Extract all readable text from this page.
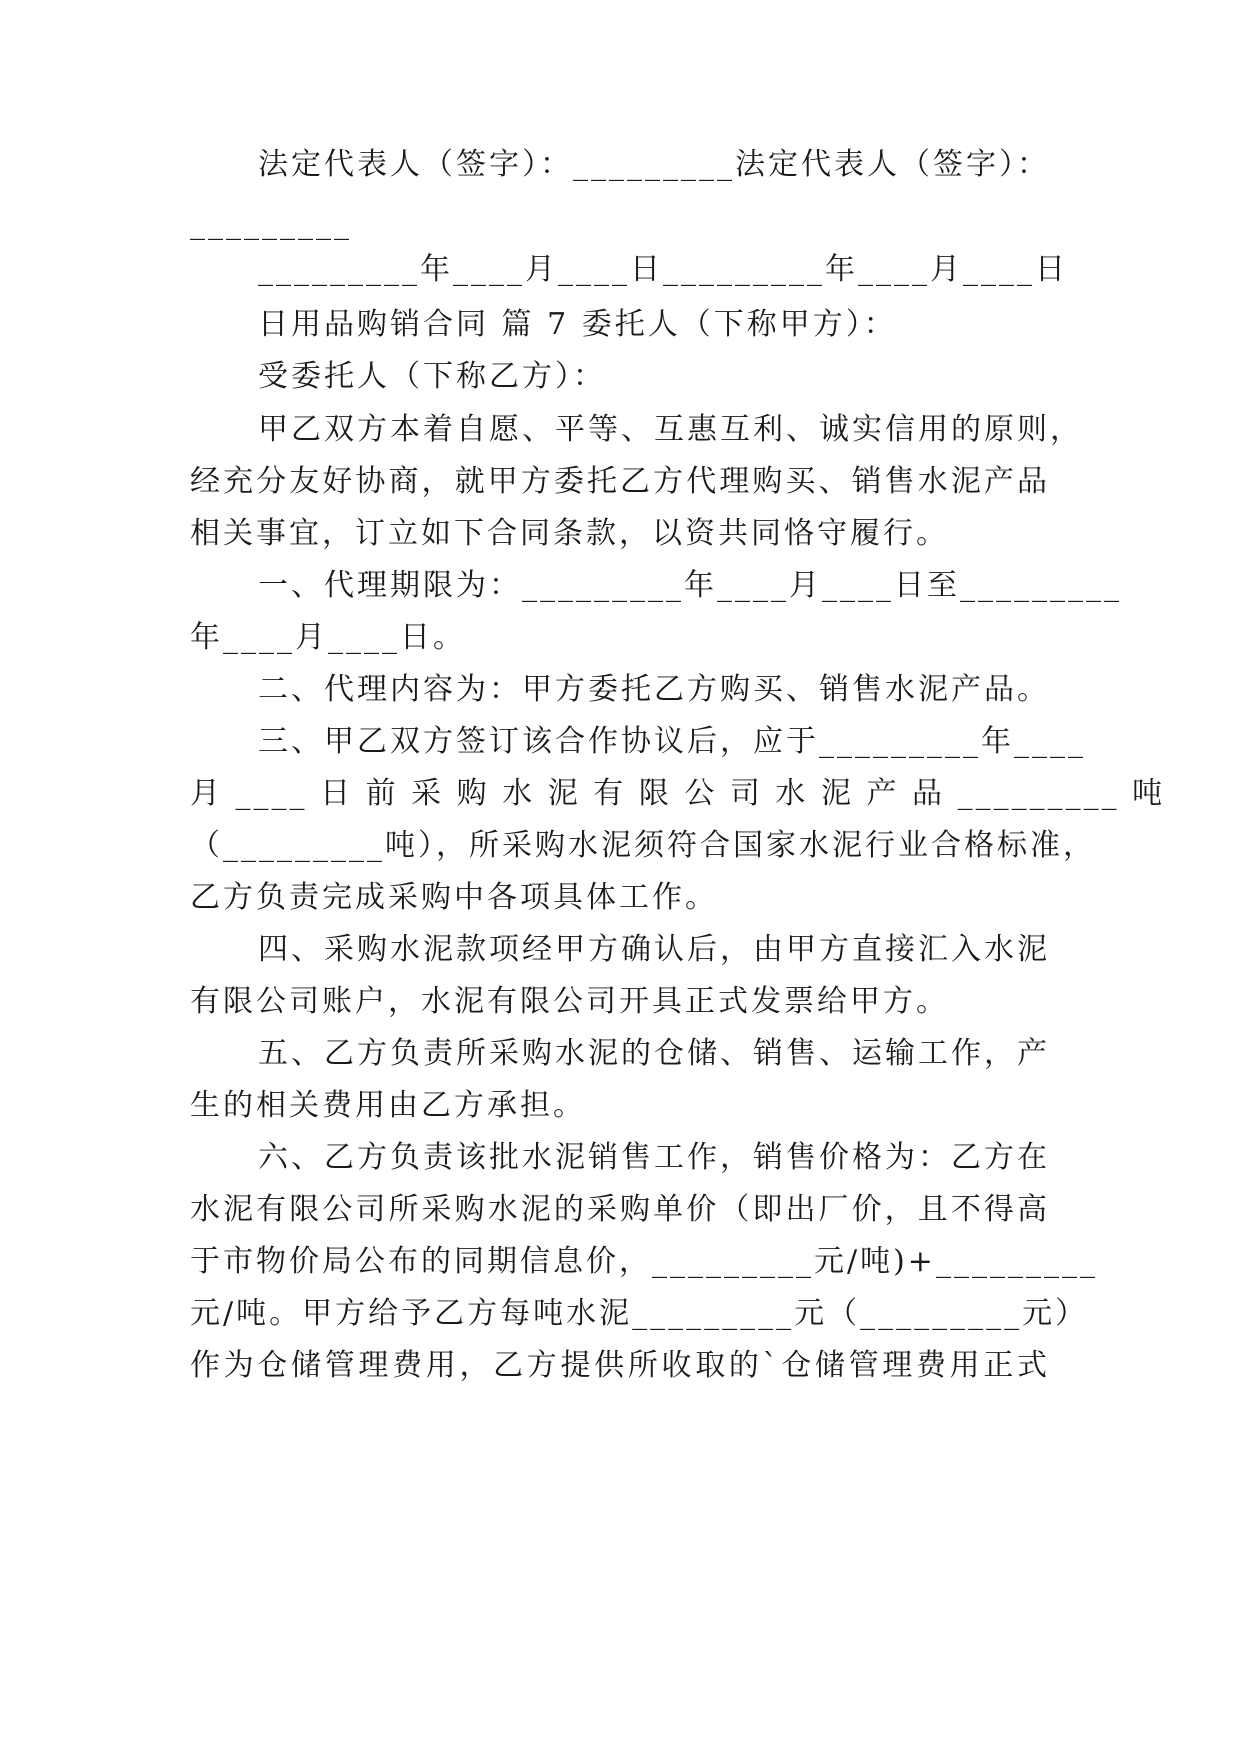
法定代表人（签字）：_________法定代表人（签字）：
_________
_________年____月____日_________年____月____日
日用品购销合同 篇 7 委托人（下称甲方）：
受委托人（下称乙方）：
甲乙双方本着自愿、平等、互惠互利、诚实信用的原则，
经充分友好协商，就甲方委托乙方代理购买、销售水泥产品
相关事宜，订立如下合同条款，以资共同恪守履行。
一、代理期限为：_________年____月____日至_________
年____月____日。
二、代理内容为：甲方委托乙方购买、销售水泥产品。
三、甲乙双方签订该合作协议后，应于_________年____
月 ____ 日 前 采 购 水 泥 有 限 公 司 水 泥 产 品 _________ 吨
（_________吨），所采购水泥须符合国家水泥行业合格标准，
乙方负责完成采购中各项具体工作。
四、采购水泥款项经甲方确认后，由甲方直接汇入水泥
有限公司账户，水泥有限公司开具正式发票给甲方。
五、乙方负责所采购水泥的仓储、销售、运输工作，产
生的相关费用由乙方承担。
六、乙方负责该批水泥销售工作，销售价格为：乙方在
水泥有限公司所采购水泥的采购单价（即出厂价，且不得高
于市物价局公布的同期信息价，_________元/吨)+_________
元/吨。甲方给予乙方每吨水泥_________元（_________元）
作为仓储管理费用，乙方提供所收取的`仓储管理费用正式
